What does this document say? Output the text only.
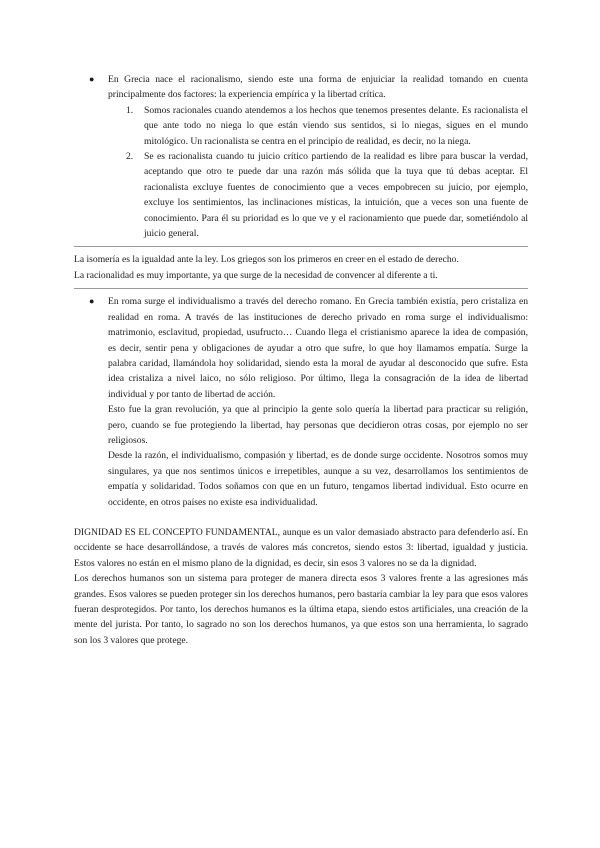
● En Grecia nace el racionalismo, siendo este una forma de enjuiciar la realidad tomando en cuenta principalmente dos factores: la experiencia empírica y la libertad crítica.
1. Somos racionales cuando atendemos a los hechos que tenemos presentes delante. Es racionalista el que ante todo no niega lo que están viendo sus sentidos, si lo niegas, sigues en el mundo mitológico. Un racionalista se centra en el principio de realidad, es decir, no la niega.
2. Se es racionalista cuando tu juicio crítico partiendo de la realidad es libre para buscar la verdad, aceptando que otro te puede dar una razón más sólida que la tuya que tú debas aceptar. El racionalista excluye fuentes de conocimiento que a veces empobrecen su juicio, por ejemplo, excluye los sentimientos, las inclinaciones místicas, la intuición, que a veces son una fuente de conocimiento. Para él su prioridad es lo que ve y el racionamiento que puede dar, sometiéndolo al juicio general.
La isomería es la igualdad ante la ley. Los griegos son los primeros en creer en el estado de derecho.
La racionalidad es muy importante, ya que surge de la necesidad de convencer al diferente a ti.
● En roma surge el individualismo a través del derecho romano. En Grecia también existía, pero cristaliza en realidad en roma. A través de las instituciones de derecho privado en roma surge el individualismo: matrimonio, esclavitud, propiedad, usufructo… Cuando llega el cristianismo aparece la idea de compasión, es decir, sentir pena y obligaciones de ayudar a otro que sufre, lo que hoy llamamos empatía. Surge la palabra caridad, llamándola hoy solidaridad, siendo esta la moral de ayudar al desconocido que sufre. Esta idea cristaliza a nivel laico, no sólo religioso. Por último, llega la consagración de la idea de libertad individual y por tanto de libertad de acción.
Esto fue la gran revolución, ya que al principio la gente solo quería la libertad para practicar su religión, pero, cuando se fue protegiendo la libertad, hay personas que decidieron otras cosas, por ejemplo no ser religiosos.
Desde la razón, el individualismo, compasión y libertad, es de donde surge occidente. Nosotros somos muy singulares, ya que nos sentimos únicos e irrepetibles, aunque a su vez, desarrollamos los sentimientos de empatía y solidaridad. Todos soñamos con que en un futuro, tengamos libertad individual. Esto ocurre en occidente, en otros países no existe esa individualidad.
DIGNIDAD ES EL CONCEPTO FUNDAMENTAL, aunque es un valor demasiado abstracto para defenderlo así. En occidente se hace desarrollándose, a través de valores más concretos, siendo estos 3: libertad, igualdad y justicia. Estos valores no están en el mismo plano de la dignidad, es decir, sin esos 3 valores no se da la dignidad.
Los derechos humanos son un sistema para proteger de manera directa esos 3 valores frente a las agresiones más grandes. Esos valores se pueden proteger sin los derechos humanos, pero bastaría cambiar la ley para que esos valores fueran desprotegidos. Por tanto, los derechos humanos es la última etapa, siendo estos artificiales, una creación de la mente del jurista. Por tanto, lo sagrado no son los derechos humanos, ya que estos son una herramienta, lo sagrado son los 3 valores que protege.
